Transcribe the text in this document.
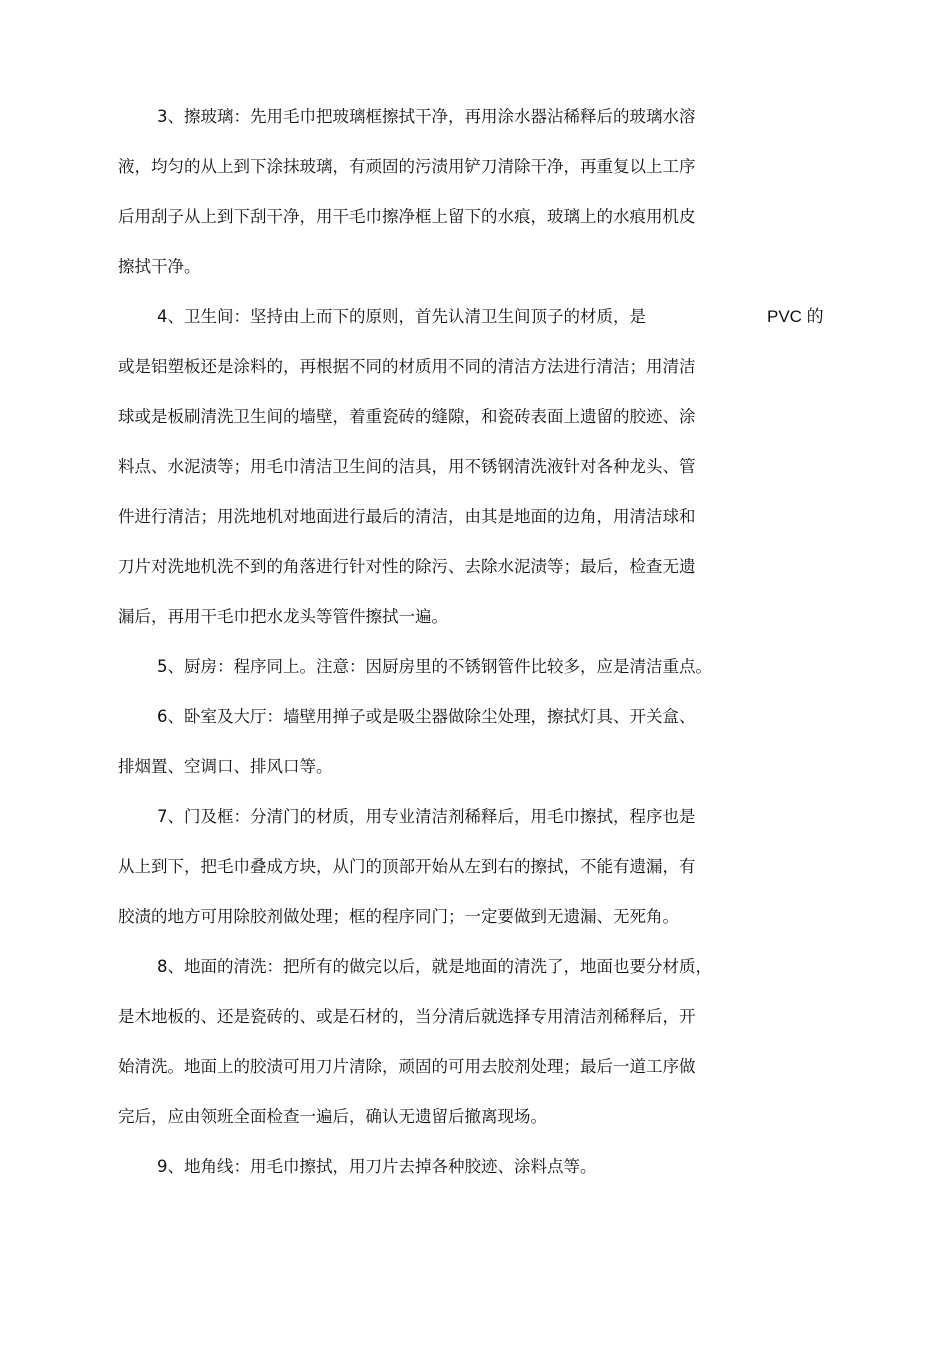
3、擦玻璃：先用毛巾把玻璃框擦拭干净，再用涂水器沾稀释后的玻璃水溶
液，均匀的从上到下涂抹玻璃，有顽固的污渍用铲刀清除干净，再重复以上工序
后用刮子从上到下刮干净，用干毛巾擦净框上留下的水痕，玻璃上的水痕用机皮
擦拭干净。
4、卫生间：坚持由上而下的原则，首先认清卫生间顶子的材质，是	PVC 的
或是铝塑板还是涂料的，再根据不同的材质用不同的清洁方法进行清洁；用清洁
球或是板刷清洗卫生间的墙壁，着重瓷砖的缝隙，和瓷砖表面上遗留的胶迹、涂
料点、水泥渍等；用毛巾清洁卫生间的洁具，用不锈钢清洗液针对各种龙头、管
件进行清洁；用洗地机对地面进行最后的清洁，由其是地面的边角，用清洁球和
刀片对洗地机洗不到的角落进行针对性的除污、去除水泥渍等；最后，检查无遗
漏后，再用干毛巾把水龙头等管件擦拭一遍。
5、厨房：程序同上。注意：因厨房里的不锈钢管件比较多，应是清洁重点。
6、卧室及大厅：墙壁用掸子或是吸尘器做除尘处理，擦拭灯具、开关盒、
排烟置、空调口、排风口等。
7、门及框：分清门的材质，用专业清洁剂稀释后，用毛巾擦拭，程序也是
从上到下，把毛巾叠成方块，从门的顶部开始从左到右的擦拭，不能有遗漏，有
胶渍的地方可用除胶剂做处理；框的程序同门；一定要做到无遗漏、无死角。
8、地面的清洗：把所有的做完以后，就是地面的清洗了，地面也要分材质，
是木地板的、还是瓷砖的、或是石材的，当分清后就选择专用清洁剂稀释后，开
始清洗。地面上的胶渍可用刀片清除，顽固的可用去胶剂处理；最后一道工序做
完后，应由领班全面检查一遍后，确认无遗留后撤离现场。
9、地角线：用毛巾擦拭，用刀片去掉各种胶迹、涂料点等。
